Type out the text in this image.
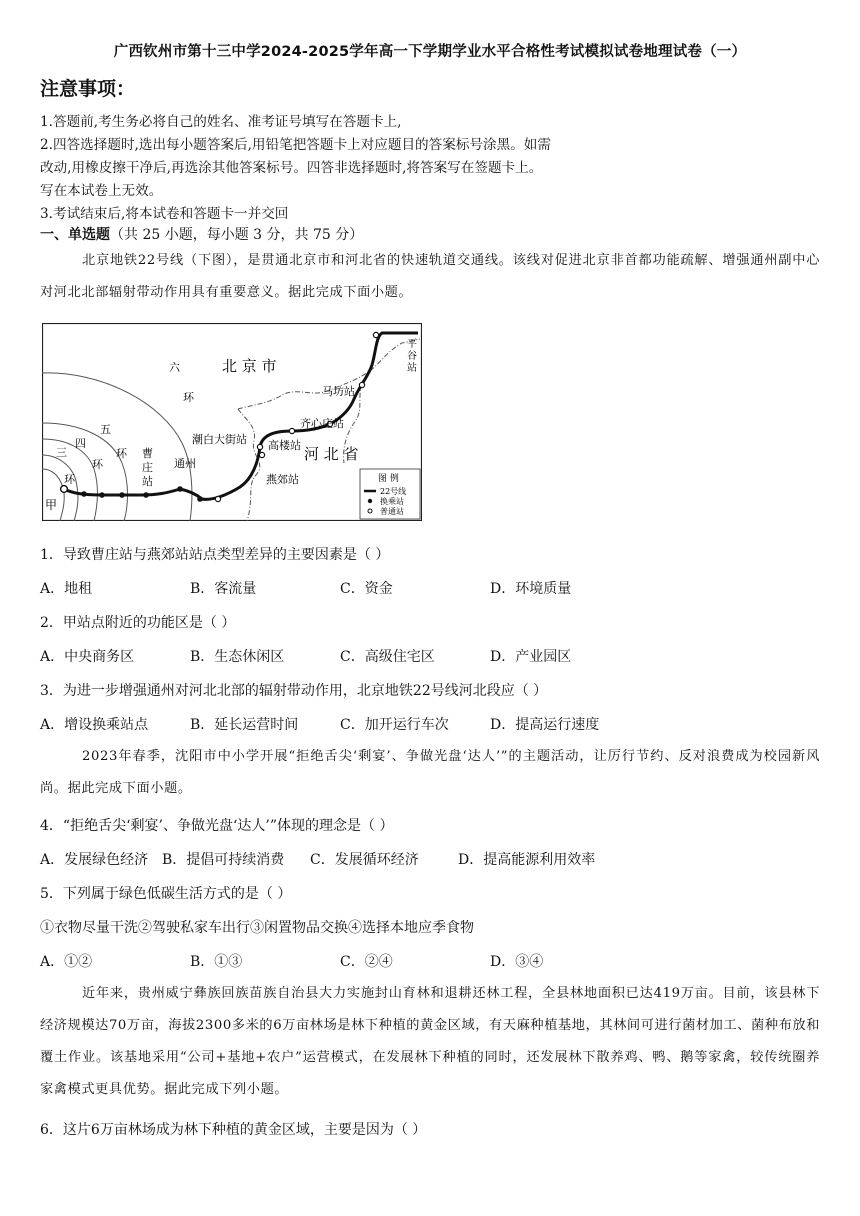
广西钦州市第十三中学2024-2025学年高一下学期学业水平合格性考试模拟试卷地理试卷（一）
注意事项：
1.答题前,考生务必将自己的姓名、准考证号填写在答题卡上,
2.四答选择题时,选出每小题答案后,用铅笔把答题卡上对应题目的答案标号涂黑。如需
改动,用橡皮擦干净后,再选涂其他答案标号。四答非选择题时,将答案写在签题卡上。
写在本试卷上无效。
3.考试结束后,将本试卷和答题卡一并交回
一、单选题（共 25 小题，每小题 3 分，共 75 分）
北京地铁22号线（下图），是贯通北京市和河北省的快速轨道交通线。该线对促进北京非首都功能疏解、增强通州副中心对河北北部辐射带动作用具有重要意义。据此完成下面小题。
北 京 市
河 北 省
六
环
五
环
四
环
三
环
甲
曹
庄
站
通州
潮白大街站 高楼站
燕郊站
齐心庄站
马坊站
平
谷
站
图 例
22号线
换乘站
普通站
1．导致曹庄站与燕郊站站点类型差异的主要因素是（ ）
A．地租	B．客流量	C．资金	D．环境质量
2．甲站点附近的功能区是（ ）
A．中央商务区	B．生态休闲区	C．高级住宅区	D．产业园区
3．为进一步增强通州对河北北部的辐射带动作用，北京地铁22号线河北段应（ ）
A．增设换乘站点	B．延长运营时间	C．加开运行车次	D．提高运行速度
2023年春季，沈阳市中小学开展“拒绝舌尖‘剩宴’、争做光盘‘达人’”的主题活动，让厉行节约、反对浪费成为校园新风尚。据此完成下面小题。
4．“拒绝舌尖‘剩宴’、争做光盘‘达人’”体现的理念是（ ）
A．发展绿色经济 B．提倡可持续消费 C．发展循环经济	D．提高能源利用效率
5．下列属于绿色低碳生活方式的是（ ）
①衣物尽量干洗②驾驶私家车出行③闲置物品交换④选择本地应季食物
A．①②	B．①③	C．②④	D．③④
近年来，贵州威宁彝族回族苗族自治县大力实施封山育林和退耕还林工程，全县林地面积已达419万亩。目前，该县林下经济规模达70万亩，海拔2300多米的6万亩林场是林下种植的黄金区域，有天麻种植基地，其林间可进行菌材加工、菌种布放和覆土作业。该基地采用“公司+基地+农户”运营模式，在发展林下种植的同时，还发展林下散养鸡、鸭、鹅等家禽，较传统圈养家禽模式更具优势。据此完成下列小题。
6．这片6万亩林场成为林下种植的黄金区域，主要是因为（ ）
